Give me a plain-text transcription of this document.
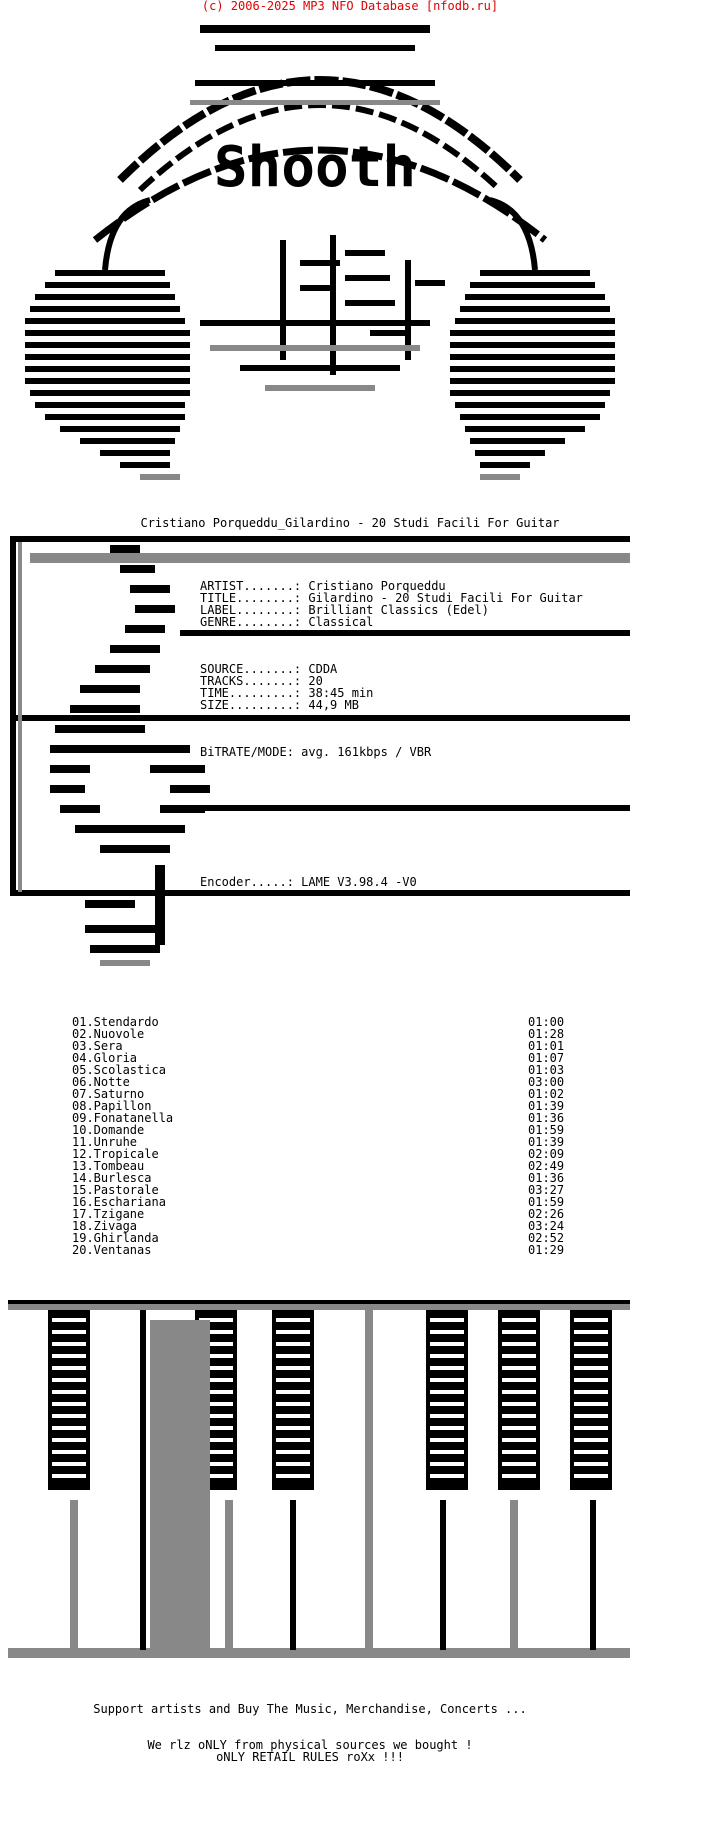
(c) 2006-2025 MP3 NFO Database [nfodb.ru]
Shooth
Cristiano Porqueddu_Gilardino - 20 Studi Facili For Guitar

ARTIST.......: Cristiano Porqueddu

TITLE........: Gilardino - 20 Studi Facili For Guitar

LABEL........: Brilliant Classics (Edel)

GENRE........: Classical

SOURCE.......: CDDA

TRACKS.......: 20

TIME.........: 38:45 min

SIZE.........: 44,9 MB

BiTRATE/MODE: avg. 161kbps / VBR

Encoder.....: LAME V3.98.4 -V0

01.Stendardo	01:00
02.Nuovole	01:28
03.Sera	01:01
04.Gloria	01:07
05.Scolastica	01:03
06.Notte	03:00
07.Saturno	01:02
08.Papillon	01:39
09.Fonatanella	01:36
10.Domande	01:59
11.Unruhe	01:39
12.Tropicale	02:09
13.Tombeau	02:49
14.Burlesca	01:36
15.Pastorale	03:27
16.Eschariana	01:59
17.Tzigane	02:26
18.Zivaga	03:24
19.Ghirlanda	02:52
20.Ventanas	01:29

Support artists and Buy The Music, Merchandise, Concerts ...

We rlz oNLY from physical sources we bought !

oNLY RETAIL RULES roXx !!!
